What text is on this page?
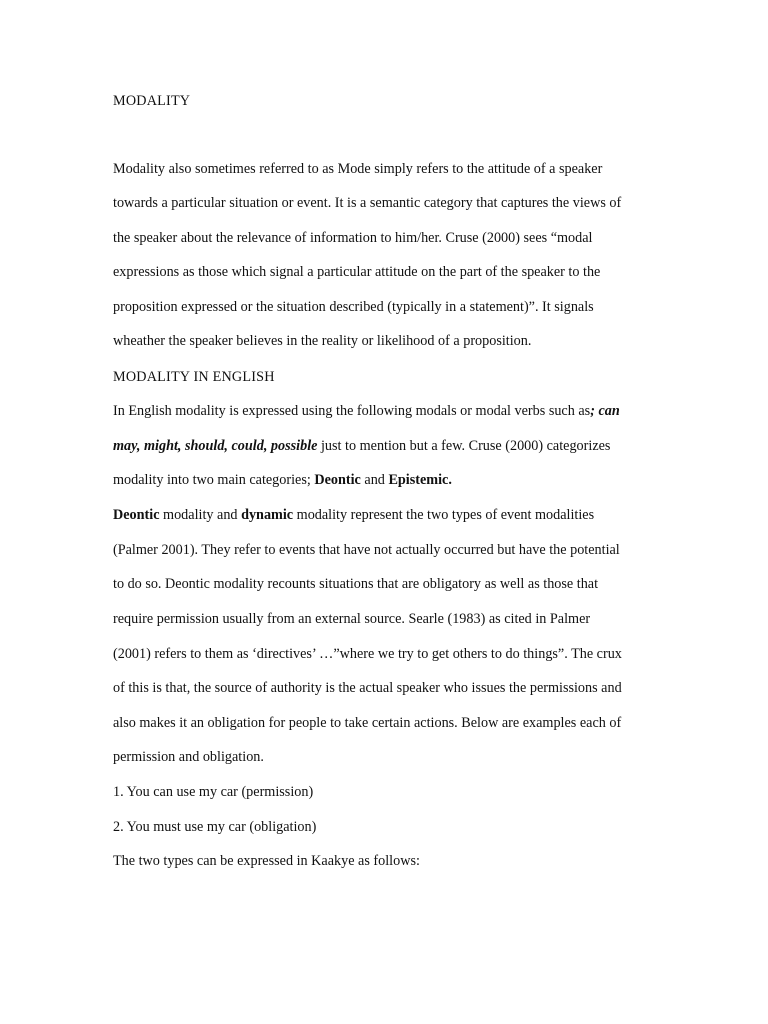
MODALITY
Modality also sometimes referred to as Mode simply refers to the attitude of a speaker
towards a particular situation or event. It is a semantic category that captures the views of
the speaker about the relevance of information to him/her. Cruse (2000) sees “modal
expressions as those which signal a particular attitude on the part of the speaker to the
proposition expressed or the situation described (typically in a statement)”. It signals
wheather the speaker believes in the reality or likelihood of a proposition.
MODALITY IN ENGLISH
In English modality is expressed using the following modals or modal verbs such as; can
may, might, should, could, possible just to mention but a few. Cruse (2000) categorizes
modality into two main categories; Deontic and Epistemic.
Deontic modality and dynamic modality represent the two types of event modalities
(Palmer 2001). They refer to events that have not actually occurred but have the potential
to do so. Deontic modality recounts situations that are obligatory as well as those that
require permission usually from an external source. Searle (1983) as cited in Palmer
(2001) refers to them as ‘directives’ …”where we try to get others to do things”. The crux
of this is that, the source of authority is the actual speaker who issues the permissions and
also makes it an obligation for people to take certain actions. Below are examples each of
permission and obligation.
1. You can use my car (permission)
2. You must use my car (obligation)
The two types can be expressed in Kaakye as follows:
